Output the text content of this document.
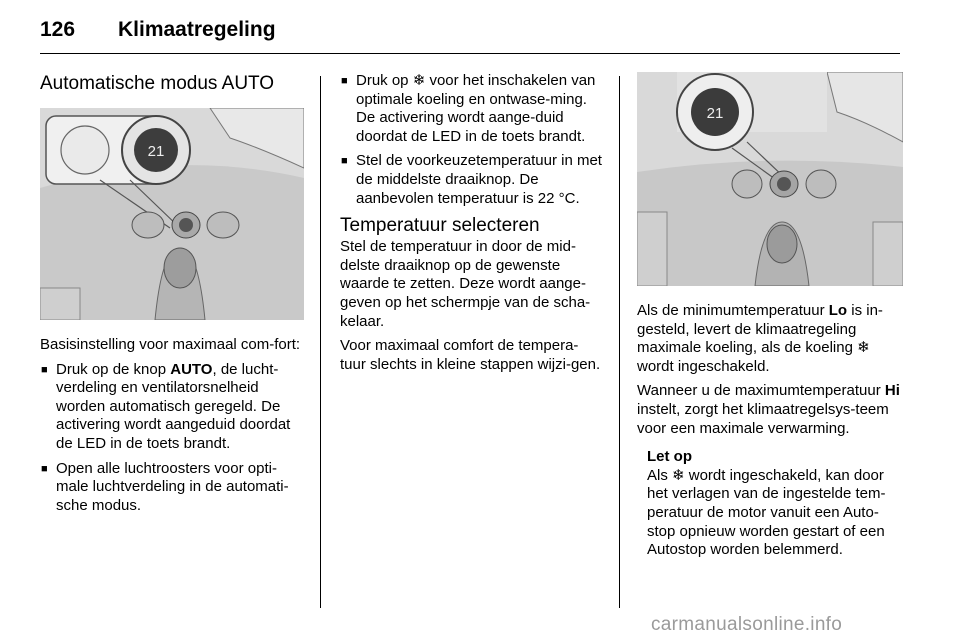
126 Klimaatregeling
Automatische modus AUTO
21

Basisinstelling voor maximaal com-fort:

■ Druk op de knop AUTO, de lucht-verdeling en ventilatorsnelheid worden automatisch geregeld. De activering wordt aangeduid doordat de LED in de toets brandt.
■ Open alle luchtroosters voor opti-male luchtverdeling in de automati-sche modus.
■ Druk op ❄ voor het inschakelen van optimale koeling en ontwase-ming. De activering wordt aange-duid doordat de LED in de toets brandt.
■ Stel de voorkeuzetemperatuur in met de middelste draaiknop. De aanbevolen temperatuur is 22 °C.
Temperatuur selecteren

Stel de temperatuur in door de mid-delste draaiknop op de gewenste waarde te zetten. Deze wordt aange-geven op het schermpje van de scha-kelaar.

Voor maximaal comfort de tempera-tuur slechts in kleine stappen wijzi-gen.

21

Als de minimumtemperatuur Lo is in-gesteld, levert de klimaatregeling maximale koeling, als de koeling ❄ wordt ingeschakeld.

Wanneer u de maximumtemperatuur Hi instelt, zorgt het klimaatregelsys-teem voor een maximale verwarming.

Let op
Als ❄ wordt ingeschakeld, kan door het verlagen van de ingestelde tem-peratuur de motor vanuit een Auto-stop opnieuw worden gestart of een Autostop worden belemmerd.
carmanualsonline.info
